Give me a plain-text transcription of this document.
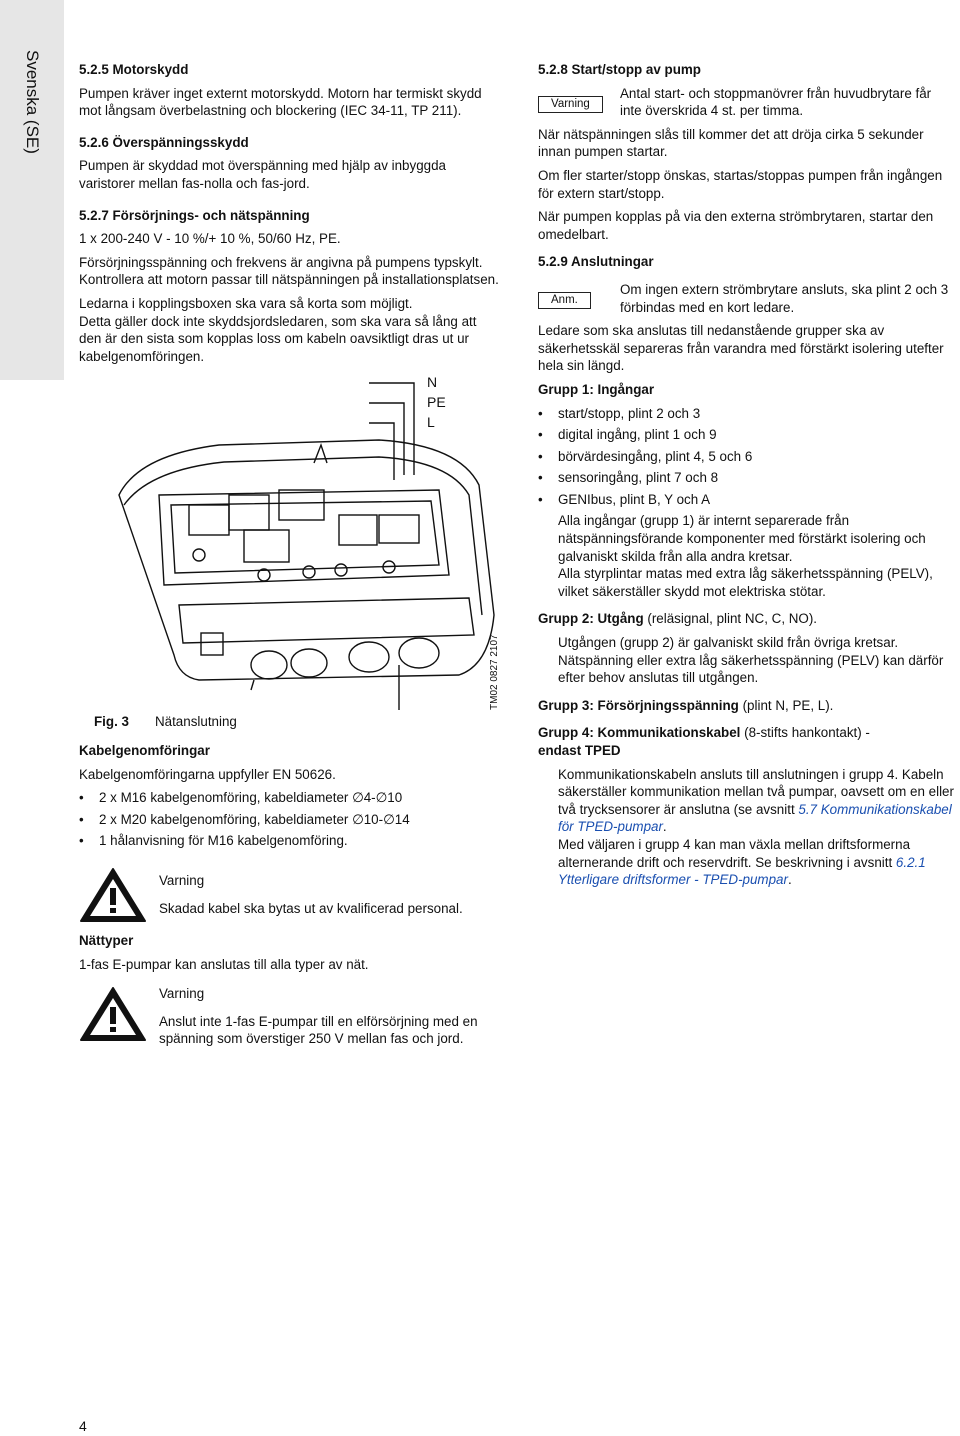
Svenska (SE)	5.2.5 Motorskydd

Pumpen kräver inget externt motorskydd. Motorn har termiskt skydd mot långsam överbelastning och blockering (IEC 34-11, TP 211).

5.2.6 Överspänningsskydd

Pumpen är skyddad mot överspänning med hjälp av inbyggda varistorer mellan fas-nolla och fas-jord.

5.2.7 Försörjnings- och nätspänning

1 x 200-240 V - 10 %/+ 10 %, 50/60 Hz, PE.

Försörjningsspänning och frekvens är angivna på pumpens typskylt. Kontrollera att motorn passar till nätspänningen på installationsplatsen.

Ledarna i kopplingsboxen ska vara så korta som möjligt.

Detta gäller dock inte skyddsjordsledaren, som ska vara så lång att den är den sista som kopplas loss om kabeln oavsiktligt dras ut ur kabelgenomföringen.

N
PE
L
TM02 0827 2107
Fig. 3 Nätanslutning

Kabelgenomföringar

Kabelgenomföringarna uppfyller EN 50626.

• 2 x M16 kabelgenomföring, kabeldiameter ∅4-∅10
• 2 x M20 kabelgenomföring, kabeldiameter ∅10-∅14
• 1 hålanvisning för M16 kabelgenomföring.

Varning

Skadad kabel ska bytas ut av kvalificerad personal.

Nättyper

1-fas E-pumpar kan anslutas till alla typer av nät.

Varning

Anslut inte 1-fas E-pumpar till en elförsörjning med en spänning som överstiger 250 V mellan fas och jord.

5.2.8 Start/stopp av pump

Varning

Antal start- och stoppmanövrer från huvudbrytare får inte överskrida 4 st. per timma.

När nätspänningen slås till kommer det att dröja cirka 5 sekunder innan pumpen startar.

Om fler starter/stopp önskas, startas/stoppas pumpen från ingången för extern start/stopp.

När pumpen kopplas på via den externa strömbrytaren, startar den omedelbart.

5.2.9 Anslutningar

Anm.

Om ingen extern strömbrytare ansluts, ska plint 2 och 3 förbindas med en kort ledare.

Ledare som ska anslutas till nedanstående grupper ska av säkerhetsskäl separeras från varandra med förstärkt isolering utefter hela sin längd.

Grupp 1: Ingångar

• start/stopp, plint 2 och 3
• digital ingång, plint 1 och 9
• börvärdesingång, plint 4, 5 och 6
• sensoringång, plint 7 och 8
• GENIbus, plint B, Y och A

Alla ingångar (grupp 1) är internt separerade från nätspänningsförande komponenter med förstärkt isolering och galvaniskt skilda från alla andra kretsar.

Alla styrplintar matas med extra låg säkerhetsspänning (PELV), vilket säkerställer skydd mot elektriska stötar.

Grupp 2: Utgång (reläsignal, plint NC, C, NO).

Utgången (grupp 2) är galvaniskt skild från övriga kretsar. Nätspänning eller extra låg säkerhetsspänning (PELV) kan därför efter behov anslutas till utgången.

Grupp 3: Försörjningsspänning (plint N, PE, L).

Grupp 4: Kommunikationskabel (8-stifts hankontakt) -
endast TPED

Kommunikationskabeln ansluts till anslutningen i grupp 4. Kabeln säkerställer kommunikation mellan två pumpar, oavsett om en eller två trycksensorer är anslutna (se avsnitt 5.7 Kommunikationskabel för TPED-pumpar.

Med väljaren i grupp 4 kan man växla mellan driftsformerna alternerande drift och reservdrift. Se beskrivning i avsnitt 6.2.1 Ytterligare driftsformer - TPED-pumpar.

4
